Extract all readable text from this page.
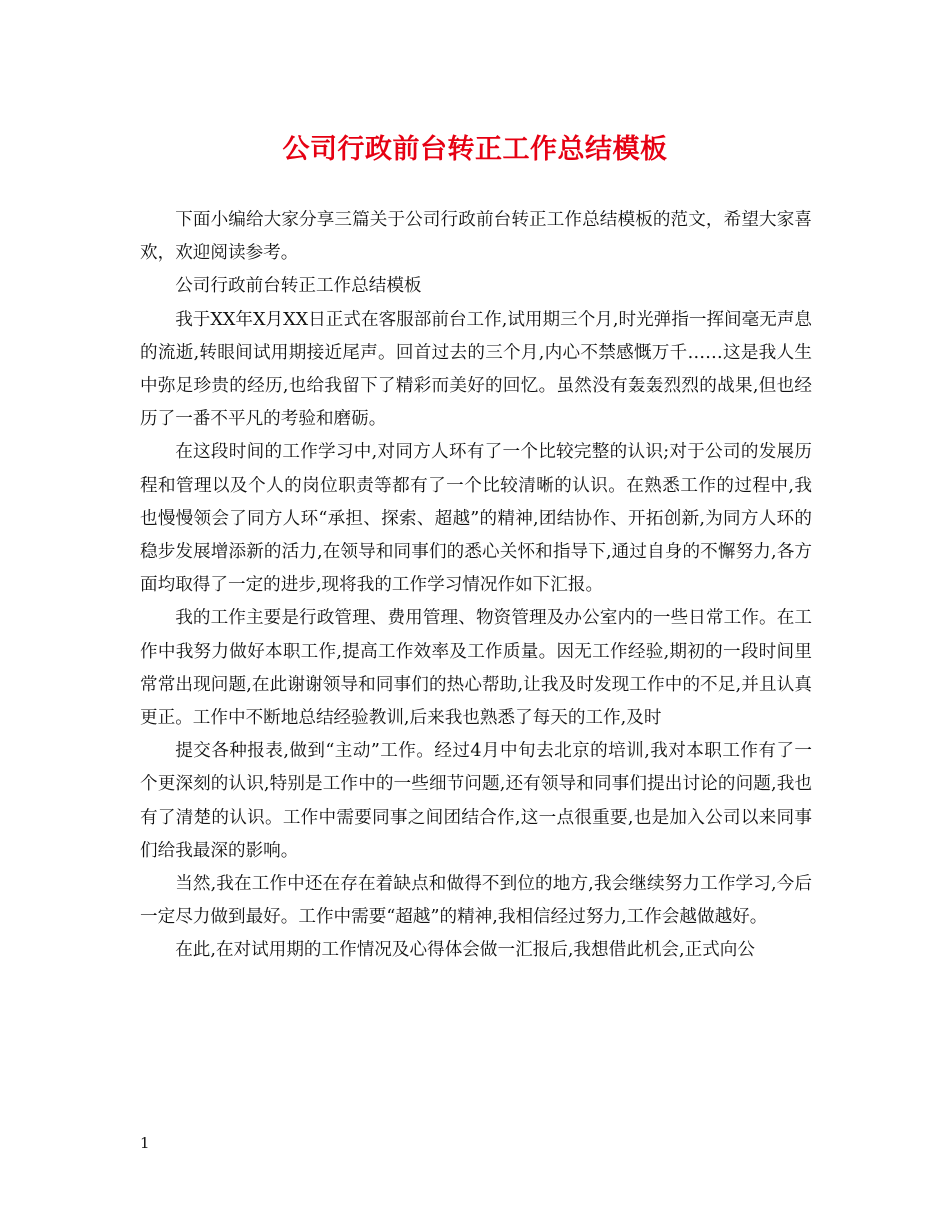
公司行政前台转正工作总结模板

下面小编给大家分享三篇关于公司行政前台转正工作总结模板的范文，希望大家喜欢，欢迎阅读参考。

公司行政前台转正工作总结模板

我于XX年X月XX日正式在客服部前台工作,试用期三个月,时光弹指一挥间毫无声息的流逝,转眼间试用期接近尾声。回首过去的三个月,内心不禁感慨万千……这是我人生中弥足珍贵的经历,也给我留下了精彩而美好的回忆。虽然没有轰轰烈烈的战果,但也经历了一番不平凡的考验和磨砺。

在这段时间的工作学习中,对同方人环有了一个比较完整的认识;对于公司的发展历程和管理以及个人的岗位职责等都有了一个比较清晰的认识。在熟悉工作的过程中,我也慢慢领会了同方人环“承担、探索、超越”的精神,团结协作、开拓创新,为同方人环的稳步发展增添新的活力,在领导和同事们的悉心关怀和指导下,通过自身的不懈努力,各方面均取得了一定的进步,现将我的工作学习情况作如下汇报。

我的工作主要是行政管理、费用管理、物资管理及办公室内的一些日常工作。在工作中我努力做好本职工作,提高工作效率及工作质量。因无工作经验,期初的一段时间里常常出现问题,在此谢谢领导和同事们的热心帮助,让我及时发现工作中的不足,并且认真更正。工作中不断地总结经验教训,后来我也熟悉了每天的工作,及时

提交各种报表,做到“主动”工作。经过4月中旬去北京的培训,我对本职工作有了一个更深刻的认识,特别是工作中的一些细节问题,还有领导和同事们提出讨论的问题,我也有了清楚的认识。工作中需要同事之间团结合作,这一点很重要,也是加入公司以来同事们给我最深的影响。

当然,我在工作中还在存在着缺点和做得不到位的地方,我会继续努力工作学习,今后一定尽力做到最好。工作中需要“超越”的精神,我相信经过努力,工作会越做越好。

在此,在对试用期的工作情况及心得体会做一汇报后,我想借此机会,正式向公

1
